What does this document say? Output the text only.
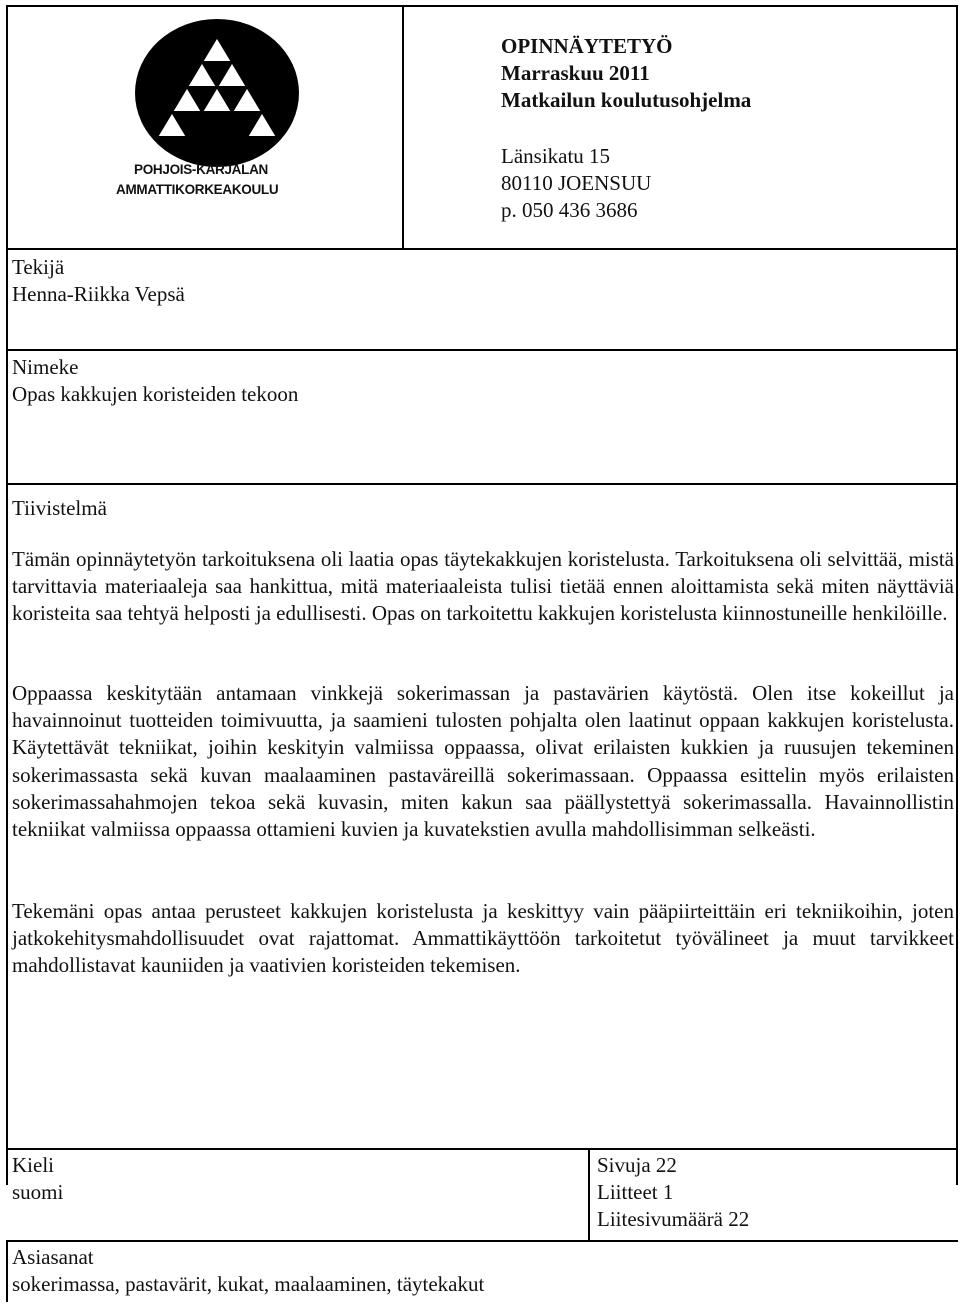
POHJOIS-KARJALAN
AMMATTIKORKEAKOULU
OPINNÄYTETYÖ
Marraskuu 2011
Matkailun koulutusohjelma
Länsikatu 15
80110 JOENSUU
p. 050 436 3686
Tekijä
Henna-Riikka Vepsä
Nimeke
Opas kakkujen koristeiden tekoon
Tiivistelmä
Tämän opinnäytetyön tarkoituksena oli laatia opas täytekakkujen koristelusta. Tarkoituksena oli selvittää, mistä tarvittavia materiaaleja saa hankittua, mitä materiaaleista tulisi tietää ennen aloittamista sekä miten näyttäviä koristeita saa tehtyä helposti ja edullisesti. Opas on tarkoitettu kakkujen koristelusta kiinnostuneille henkilöille.
Oppaassa keskitytään antamaan vinkkejä sokerimassan ja pastavärien käytöstä. Olen itse kokeillut ja havainnoinut tuotteiden toimivuutta, ja saamieni tulosten pohjalta olen laatinut oppaan kakkujen koristelusta. Käytettävät tekniikat, joihin keskityin valmiissa oppaassa, olivat erilaisten kukkien ja ruusujen tekeminen sokerimassasta sekä kuvan maalaaminen pastaväreillä sokerimassaan. Oppaassa esittelin myös erilaisten sokerimassahahmojen tekoa sekä kuvasin, miten kakun saa päällystettyä sokerimassalla. Havainnollistin tekniikat valmiissa oppaassa ottamieni kuvien ja kuvatekstien avulla mahdollisimman selkeästi.
Tekemäni opas antaa perusteet kakkujen koristelusta ja keskittyy vain pääpiirteittäin eri tekniikoihin, joten jatkokehitysmahdollisuudet ovat rajattomat. Ammattikäyttöön tarkoitetut työvälineet ja muut tarvikkeet mahdollistavat kauniiden ja vaativien koristeiden tekemisen.
Kieli
suomi
Sivuja 22
Liitteet 1
Liitesivumäärä 22
Asiasanat
sokerimassa, pastavärit, kukat, maalaaminen, täytekakut
